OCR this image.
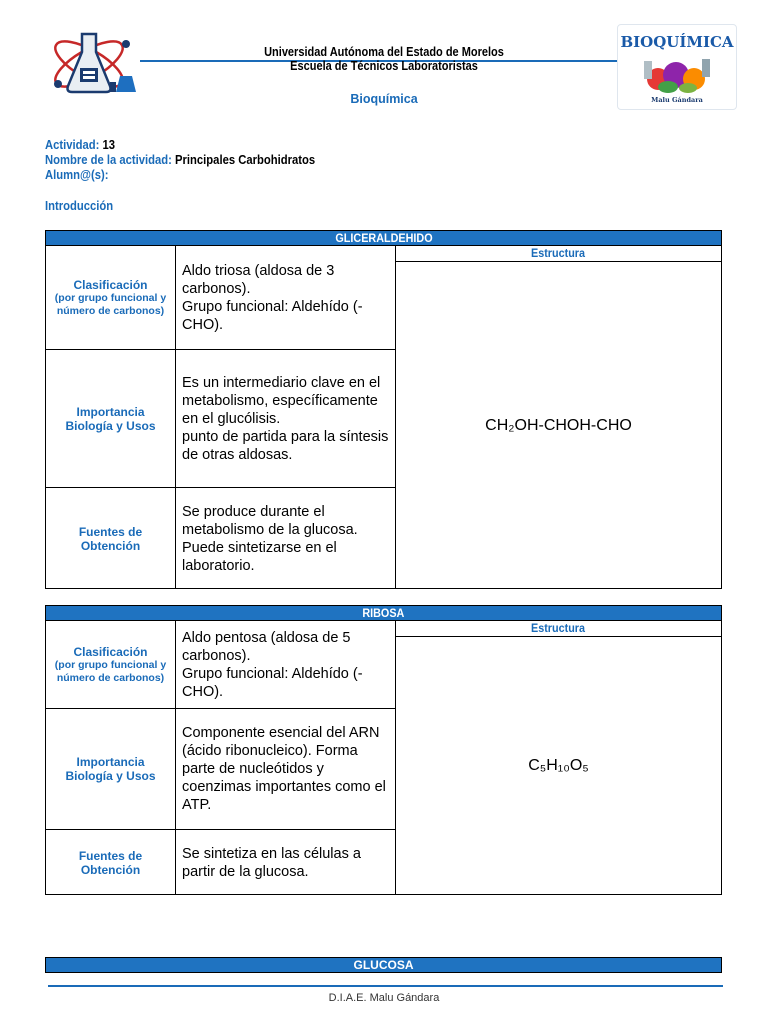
Universidad Autónoma del Estado de Morelos
Escuela de Técnicos Laboratoristas
Bioquímica
BIOQUÍMICA
Malu Gándara
Actividad: 13
Nombre de la actividad: Principales Carbohidratos
Alumn@(s):
Introducción
GLICERALDEHIDO
Clasificación
(por grupo funcional y número de carbonos)
Aldo triosa (aldosa de 3 carbonos).
Grupo funcional: Aldehído (-CHO).
Importancia Biología y Usos
Es un intermediario clave en el metabolismo, específicamente en el glucólisis.
punto de partida para la síntesis de otras aldosas.
Fuentes de Obtención
Se produce durante el metabolismo de la glucosa. Puede sintetizarse en el laboratorio.
Estructura
CH₂OH-CHOH-CHO
RIBOSA
Clasificación
(por grupo funcional y número de carbonos)
Aldo pentosa (aldosa de 5 carbonos).
Grupo funcional: Aldehído (-CHO).
Importancia Biología y Usos
Componente esencial del ARN (ácido ribonucleico). Forma parte de nucleótidos y coenzimas importantes como el ATP.
Fuentes de Obtención
Se sintetiza en las células a partir de la glucosa.
Estructura
C₅H₁₀O₅
GLUCOSA
D.I.A.E. Malu Gándara
